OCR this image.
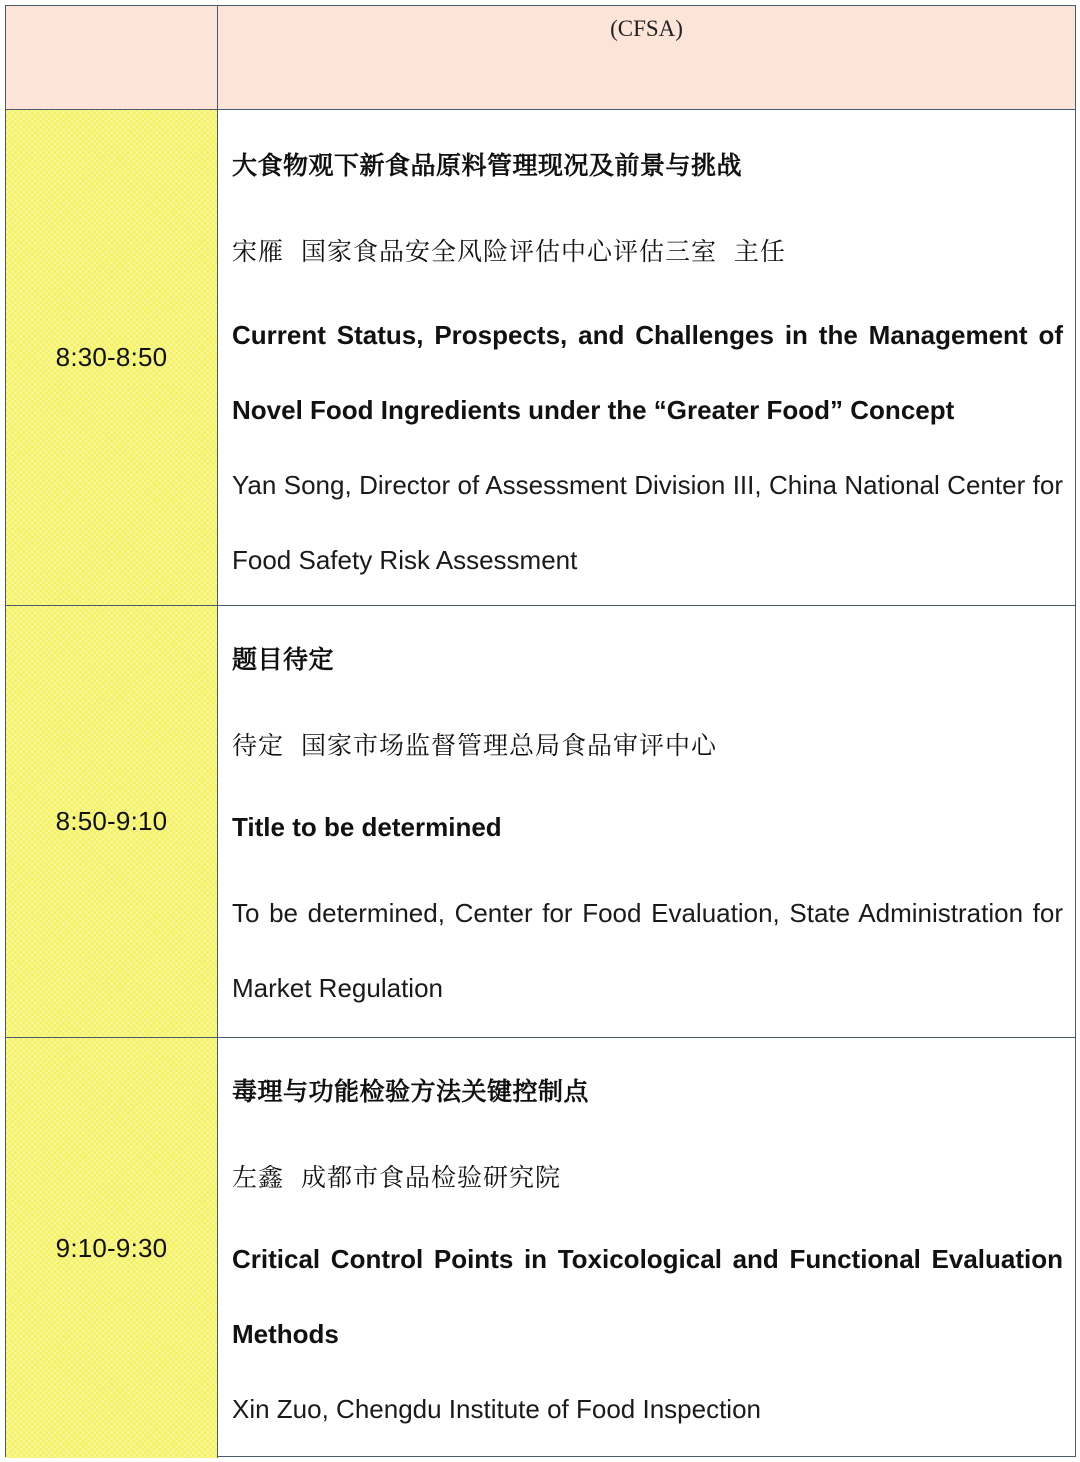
(CFSA)
8:30-8:50
大食物观下新食品原料管理现况及前景与挑战
宋雁 国家食品安全风险评估中心评估三室 主任
Current Status, Prospects, and Challenges in the Management of Novel Food Ingredients under the “Greater Food” Concept
Yan Song, Director of Assessment Division III, China National Center for Food Safety Risk Assessment
8:50-9:10
题目待定
待定 国家市场监督管理总局食品审评中心
Title to be determined
To be determined, Center for Food Evaluation, State Administration for Market Regulation
9:10-9:30
毒理与功能检验方法关键控制点
左鑫 成都市食品检验研究院
Critical Control Points in Toxicological and Functional Evaluation Methods
Xin Zuo, Chengdu Institute of Food Inspection
